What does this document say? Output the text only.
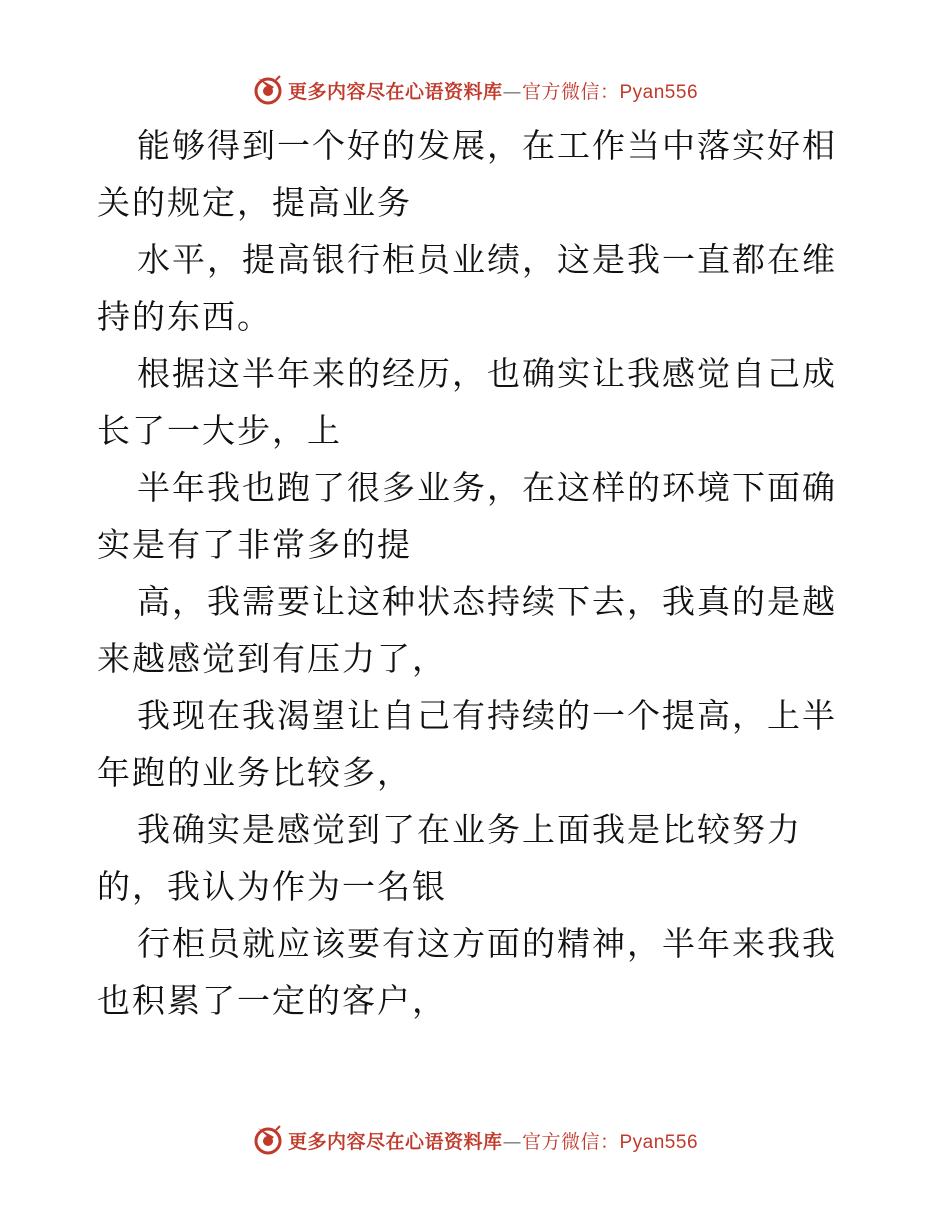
更多内容尽在心语资料库—官方微信：Pyan556

能够得到一个好的发展，在工作当中落实好相关的规定，提高业务

水平，提高银行柜员业绩，这是我一直都在维持的东西。

根据这半年来的经历，也确实让我感觉自己成长了一大步，上

半年我也跑了很多业务，在这样的环境下面确实是有了非常多的提

高，我需要让这种状态持续下去，我真的是越来越感觉到有压力了，

我现在我渴望让自己有持续的一个提高，上半年跑的业务比较多，

我确实是感觉到了在业务上面我是比较努力的，我认为作为一名银

行柜员就应该要有这方面的精神，半年来我我也积累了一定的客户，

更多内容尽在心语资料库—官方微信：Pyan556
